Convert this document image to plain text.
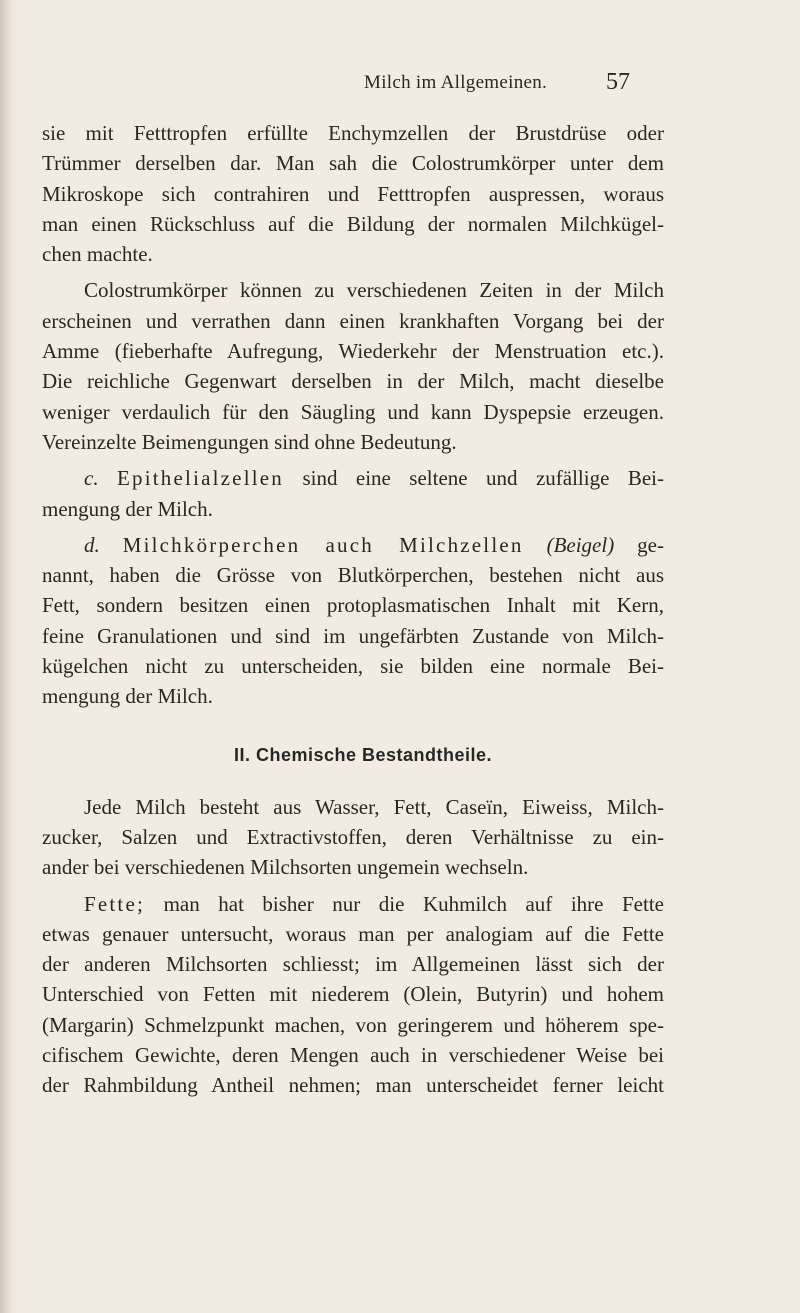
Milch im Allgemeinen. 57
sie mit Fetttropfen erfüllte Enchymzellen der Brustdrüse oder
Trümmer derselben dar. Man sah die Colostrumkörper unter dem
Mikroskope sich contrahiren und Fetttropfen auspressen, woraus
man einen Rückschluss auf die Bildung der normalen Milchkügel-
chen machte.
Colostrumkörper können zu verschiedenen Zeiten in der Milch
erscheinen und verrathen dann einen krankhaften Vorgang bei der
Amme (fieberhafte Aufregung, Wiederkehr der Menstruation etc.).
Die reichliche Gegenwart derselben in der Milch, macht dieselbe
weniger verdaulich für den Säugling und kann Dyspepsie erzeugen.
Vereinzelte Beimengungen sind ohne Bedeutung.
c. Epithelialzellen sind eine seltene und zufällige Bei-
mengung der Milch.
d. Milchkörperchen auch Milchzellen (Beigel) ge-
nannt, haben die Grösse von Blutkörperchen, bestehen nicht aus
Fett, sondern besitzen einen protoplasmatischen Inhalt mit Kern,
feine Granulationen und sind im ungefärbten Zustande von Milch-
kügelchen nicht zu unterscheiden, sie bilden eine normale Bei-
mengung der Milch.
II. Chemische Bestandtheile.
Jede Milch besteht aus Wasser, Fett, Caseïn, Eiweiss, Milch-
zucker, Salzen und Extractivstoffen, deren Verhältnisse zu ein-
ander bei verschiedenen Milchsorten ungemein wechseln.
Fette; man hat bisher nur die Kuhmilch auf ihre Fette
etwas genauer untersucht, woraus man per analogiam auf die Fette
der anderen Milchsorten schliesst; im Allgemeinen lässt sich der
Unterschied von Fetten mit niederem (Olein, Butyrin) und hohem
(Margarin) Schmelzpunkt machen, von geringerem und höherem spe-
cifischem Gewichte, deren Mengen auch in verschiedener Weise bei
der Rahmbildung Antheil nehmen; man unterscheidet ferner leicht
